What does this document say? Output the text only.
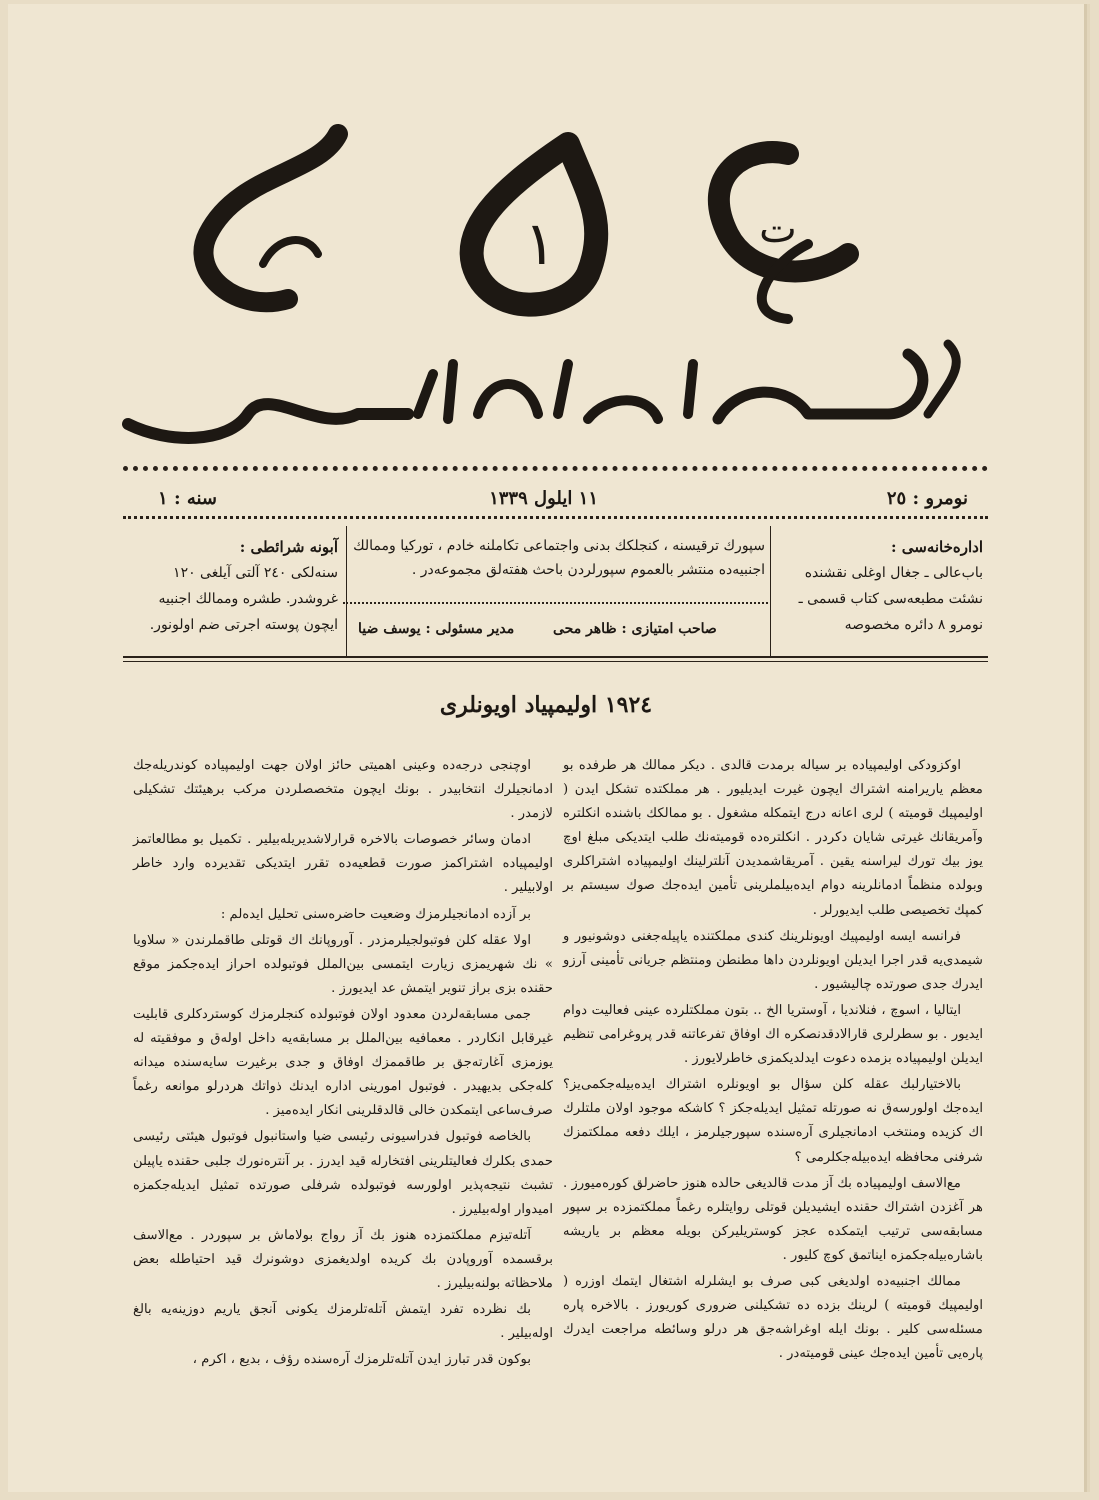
١	ت
تورکیا ادمان مجموعه سی
نومرو : ٢٥
١١ ايلول ١٣٣٩
سنه : ١
اداره‌خانه‌سی :
باب‌عالی ـ جغال اوغلی نقشنده
نشئت مطبعه‌سی کتاب قسمی ـ
نومرو ٨ دائره مخصوصه
سپورك ترقیسنه ، كنجلكك بدنی واجتماعی تكاملنه خادم ، تورکیا وممالك اجنبیه‌ده منتشر بالعموم سپورلردن باحث هفته‌لق مجموعه‌در .
صاحب امتیازی : ظاهر محی
مدیر مسئولی : یوسف ضیا
آبونه شرائطی :
سنه‌لکی ٢٤٠ آلتی آیلغی ١٢٠
غروشدر. طشره وممالك اجنبیه
ایچون پوسته اجرتی ضم اولونور.
١٩٢٤ اولیمپیاد اویونلری

اوکزودکی اولیمپیاده بر سیاله برمدت قالدی . دیکر ممالك هر طرفده بو معظم یاریرامنه اشتراك ایچون غیرت ایدیلیور . هر مملکتده تشکل ایدن ( اولیمپیك قومیته ) لری اعانه درج ایتمکله مشغول . بو ممالکك باشنده انکلتره وآمریقانك غیرتی شایان دکردر . انکلتره‌ده قومیته‌نك طلب ایتدیکی مبلغ اوچ یوز بیك تورك لیراسنه یقین . آمریقاشمدیدن آنلترلینك اولیمپیاده اشتراکلری وبولده منظماً ادمانلرینه دوام ایده‌بیلملرینی تأمین ایده‌جك صوك سیستم بر کمپك تخصیصی طلب ایدیورلر .

فرانسه ایسه اولیمپیك اویونلرینك کندی مملکتنده یاپیله‌جغنی دوشونیور و شیمدی‌یه قدر اجرا ایدیلن اویونلردن داها مطنطن ومنتظم جریانی تأمینی آرزو ایدرك جدی صورتده چالیشیور .

ایتالیا ، اسوچ ، فنلاندیا ، آوستریا الخ .. بتون مملکتلرده عینی فعالیت دوام ایدیور . بو سطرلری قارالادقدنصکره اك اوفاق تفرعاتنه قدر پروغرامی تنظیم ایدیلن اولیمپیاده بزمده دعوت ایدلدیکمزی خاطرلایورز .

بالاختیارلبك عقله کلن سؤال بو اویونلره اشتراك ایده‌بیله‌جکمی‌یز؟ ایده‌جك اولورسه‌ق نه صورتله تمثیل ایدیله‌جکز ؟ کاشکه موجود اولان ملتلرك اك کزیده ومنتخب ادمانجیلری آره‌سنده سپورجیلرمز ، ایلك دفعه مملکتمزك شرفنی محافظه ایده‌بیله‌جکلرمی ؟

مع‌الاسف اولیمپیاده بك آز مدت قالدیغی حالده هنوز حاضرلق کوره‌میورز . هر آغزدن اشتراك حقنده ایشیدیلن قوتلی روایتلره رغماً مملکتمزده بر سپور مسابقه‌سی ترتیب ایتمکده عجز کوستریلیرکن بویله معظم بر یاریشه باشاره‌بیله‌جکمزه ایناتمق کوچ کلیور .

ممالك اجنبیه‌ده اولدیغی کبی صرف بو ایشلرله اشتغال ایتمك اوزره ( اولیمپیك قومیته ) لرینك بزده ده تشکیلنی ضروری کوریورز . بالاخره پاره مسئله‌سی کلیر . بونك ایله اوغراشه‌جق هر درلو وسائطه مراجعت ایدرك پاره‌یی تأمین ایده‌جك عینی قومیته‌در .

اوچنجی درجه‌ده وعینی اهمیتی حائز اولان جهت اولیمپیاده کوندریله‌جك ادمانجیلرك انتخابیدر . بونك ایچون متخصصلردن مرکب برهیئتك تشکیلی لازمدر .

ادمان وسائر خصوصات بالاخره قرارلاشدیریله‌بیلیر . تکمیل بو مطالعاتمز اولیمپیاده اشتراکمز صورت قطعیه‌ده تقرر ایتدیکی تقدیرده وارد خاطر اولابیلیر .

بر آزده ادمانجیلرمزك وضعیت حاضره‌سنی تحلیل ایده‌لم :

اولا عقله کلن فوتبولجیلرمزدر . آوروپانك اك قوتلی طاقملرندن « سلاویا » نك شهریمزی زیارت ایتمسی بین‌الملل فوتبولده احراز ایده‌جکمز موقع حقنده بزی براز تنویر ایتمش عد ایدیورز .

جمی مسابقه‌لردن معدود اولان فوتبولده کنجلرمزك کوستردکلری قابلیت غیرقابل انکاردر . معمافیه بین‌الملل بر مسابقه‌یه داخل اوله‌ق و موفقیته له یوزمزی آغارته‌جق بر طاقممزك اوفاق و جدی برغیرت سایه‌سنده میدانه کله‌جکی بدیهیدر . فوتبول امورینی اداره ایدنك ذواتك هردرلو موانعه رغماً صرف‌ساعی ایتمکدن خالی قالدقلرینی انکار ایده‌میز .

بالخاصه فوتبول فدراسیونی رئیسی ضیا واستانبول فوتبول هیئتی رئیسی حمدی بکلرك فعالیتلرینی افتخارله قید ایدرز . بر آنتره‌نورك جلبی حقنده یاپیلن تشبث نتیجه‌پذیر اولورسه فوتبولده شرفلی صورتده تمثیل ایدیله‌جکمزه امیدوار اوله‌بیلیرز .

آتله‌تیزم مملکتمزده هنوز بك آز رواج بولاماش بر سپوردر . مع‌الاسف برقسمده آوروپادن بك کریده اولدیغمزی دوشونرك قید احتیاطله بعض ملاحظاته بولنه‌بیلیرز .

بك نظرده تفرد ایتمش آتله‌تلرمزك یکونی آنجق یاریم دوزینه‌یه بالغ اوله‌بیلیر .

بوکون قدر تبارز ایدن آتله‌تلرمزك آره‌سنده رؤف ، بدیع ، اکرم ،
